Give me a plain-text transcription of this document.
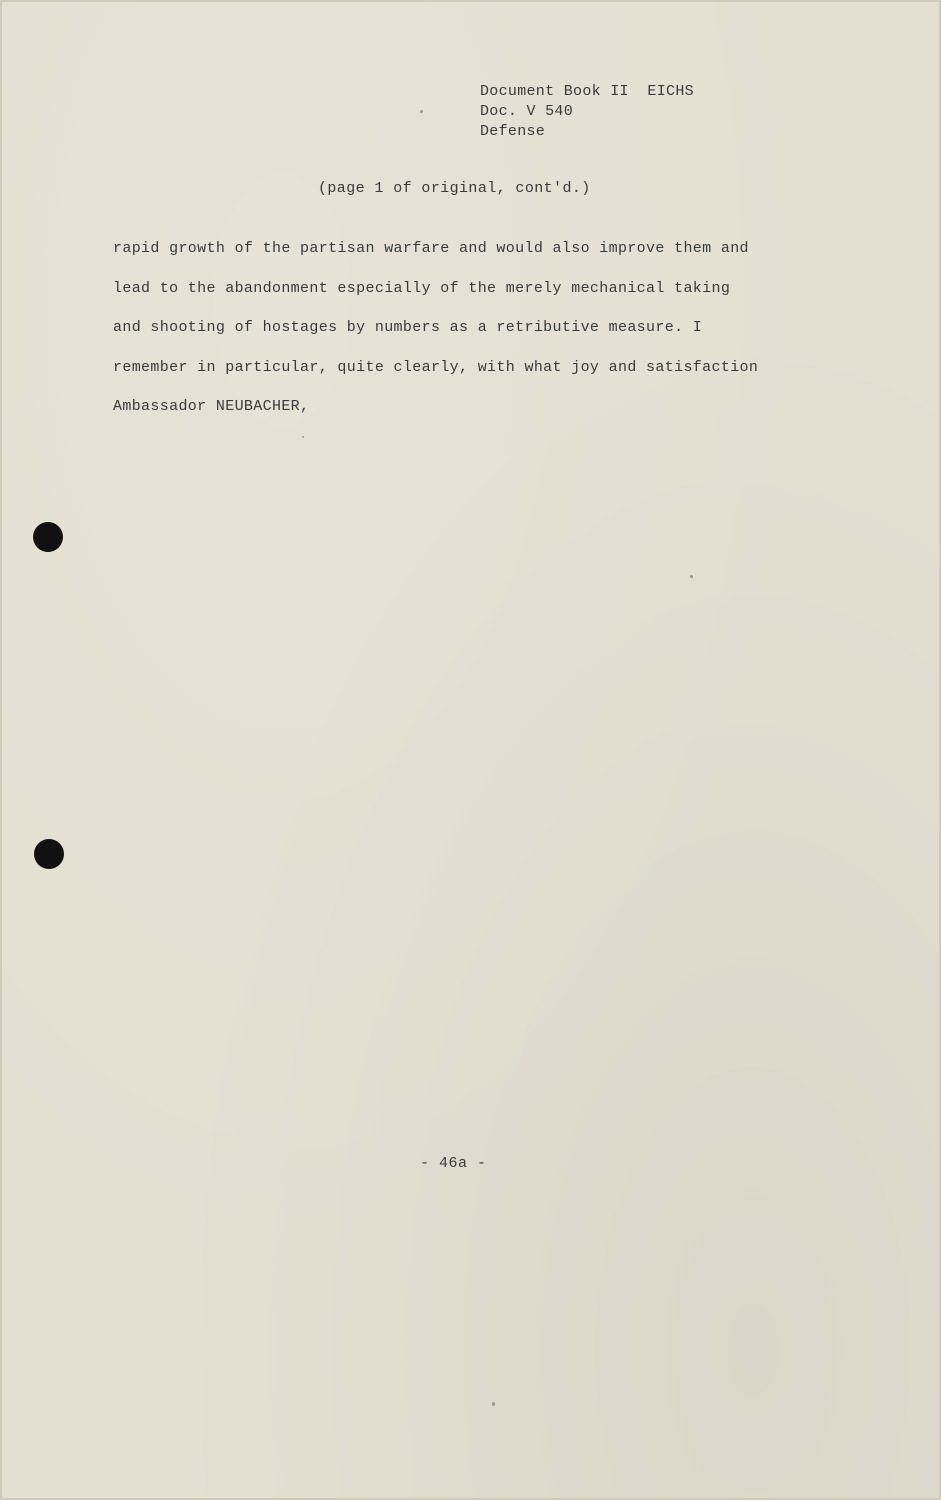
Document Book II  EICHS
Doc. V 540
Defense
(page 1 of original, cont'd.)
rapid growth of the partisan warfare and would also improve them and
lead to the abandonment especially of the merely mechanical taking
and shooting of hostages by numbers as a retributive measure. I
remember in particular, quite clearly, with what joy and satisfaction
Ambassador NEUBACHER,
- 46a -
